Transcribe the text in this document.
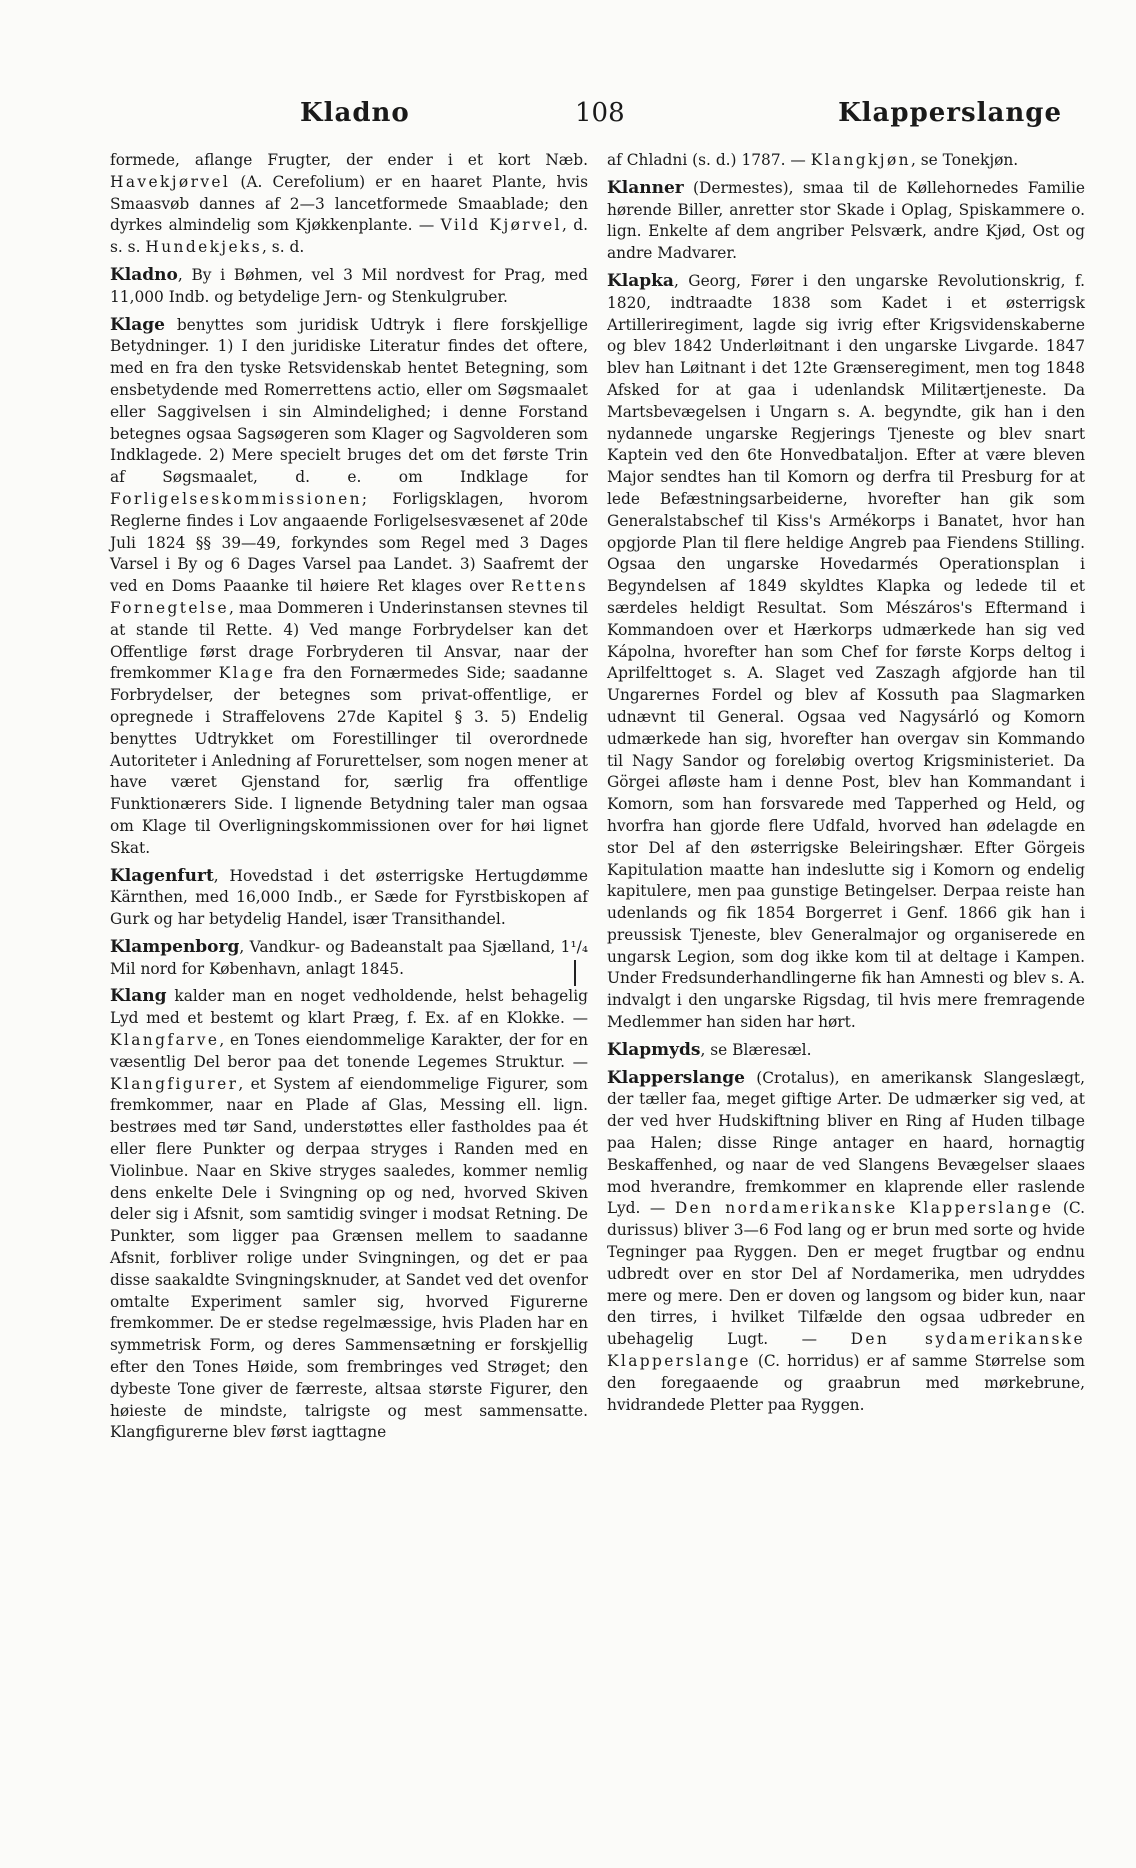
Kladno	108	Klapperslange

formede, aflange Frugter, der ender i et kort Næb. Havekjørvel (A. Cerefolium) er en haaret Plante, hvis Smaasvøb dannes af 2—3 lancetformede Smaablade; den dyrkes almindelig som Kjøkkenplante. — Vild Kjørvel, d. s. s. Hundekjeks, s. d.

Kladno, By i Bøhmen, vel 3 Mil nordvest for Prag, med 11,000 Indb. og betydelige Jern- og Stenkulgruber.

Klage benyttes som juridisk Udtryk i flere forskjellige Betydninger. 1) I den juridiske Literatur findes det oftere, med en fra den tyske Retsvidenskab hentet Betegning, som ensbetydende med Romerrettens actio, eller om Søgsmaalet eller Saggivelsen i sin Almindelighed; i denne Forstand betegnes ogsaa Sagsøgeren som Klager og Sagvolderen som Indklagede. 2) Mere specielt bruges det om det første Trin af Søgsmaalet, d. e. om Indklage for Forligelseskommissionen; Forligsklagen, hvorom Reglerne findes i Lov angaaende Forligelsesvæsenet af 20de Juli 1824 §§ 39—49, forkyndes som Regel med 3 Dages Varsel i By og 6 Dages Varsel paa Landet. 3) Saafremt der ved en Doms Paaanke til høiere Ret klages over Rettens Fornegtelse, maa Dommeren i Underinstansen stevnes til at stande til Rette. 4) Ved mange Forbrydelser kan det Offentlige først drage Forbryderen til Ansvar, naar der fremkommer Klage fra den Fornærmedes Side; saadanne Forbrydelser, der betegnes som privat-offentlige, er opregnede i Straffelovens 27de Kapitel § 3. 5) Endelig benyttes Udtrykket om Forestillinger til overordnede Autoriteter i Anledning af Forurettelser, som nogen mener at have været Gjenstand for, særlig fra offentlige Funktionærers Side. I lignende Betydning taler man ogsaa om Klage til Overligningskommissionen over for høi lignet Skat.

Klagenfurt, Hovedstad i det østerrigske Hertugdømme Kärnthen, med 16,000 Indb., er Sæde for Fyrstbiskopen af Gurk og har betydelig Handel, især Transithandel.

Klampenborg, Vandkur- og Badeanstalt paa Sjælland, 1¹/₄ Mil nord for København, anlagt 1845.

Klang kalder man en noget vedholdende, helst behagelig Lyd med et bestemt og klart Præg, f. Ex. af en Klokke. — Klangfarve, en Tones eiendommelige Karakter, der for en væsentlig Del beror paa det tonende Legemes Struktur. — Klangfigurer, et System af eiendommelige Figurer, som fremkommer, naar en Plade af Glas, Messing ell. lign. bestrøes med tør Sand, understøttes eller fastholdes paa ét eller flere Punkter og derpaa stryges i Randen med en Violinbue. Naar en Skive stryges saaledes, kommer nemlig dens enkelte Dele i Svingning op og ned, hvorved Skiven deler sig i Afsnit, som samtidig svinger i modsat Retning. De Punkter, som ligger paa Grænsen mellem to saadanne Afsnit, forbliver rolige under Svingningen, og det er paa disse saakaldte Svingningsknuder, at Sandet ved det ovenfor omtalte Experiment samler sig, hvorved Figurerne fremkommer. De er stedse regelmæssige, hvis Pladen har en symmetrisk Form, og deres Sammensætning er forskjellig efter den Tones Høide, som frembringes ved Strøget; den dybeste Tone giver de færreste, altsaa største Figurer, den høieste de mindste, talrigste og mest sammensatte. Klangfigurerne blev først iagttagne

af Chladni (s. d.) 1787. — Klangkjøn, se Tonekjøn.

Klanner (Dermestes), smaa til de Køllehornedes Familie hørende Biller, anretter stor Skade i Oplag, Spiskammere o. lign. Enkelte af dem angriber Pelsværk, andre Kjød, Ost og andre Madvarer.

Klapka, Georg, Fører i den ungarske Revolutionskrig, f. 1820, indtraadte 1838 som Kadet i et østerrigsk Artilleriregiment, lagde sig ivrig efter Krigsvidenskaberne og blev 1842 Underløitnant i den ungarske Livgarde. 1847 blev han Løitnant i det 12te Grænseregiment, men tog 1848 Afsked for at gaa i udenlandsk Militærtjeneste. Da Martsbevægelsen i Ungarn s. A. begyndte, gik han i den nydannede ungarske Regjerings Tjeneste og blev snart Kaptein ved den 6te Honvedbataljon. Efter at være bleven Major sendtes han til Komorn og derfra til Presburg for at lede Befæstningsarbeiderne, hvorefter han gik som Generalstabschef til Kiss's Armékorps i Banatet, hvor han opgjorde Plan til flere heldige Angreb paa Fiendens Stilling. Ogsaa den ungarske Hovedarmés Operationsplan i Begyndelsen af 1849 skyldtes Klapka og ledede til et særdeles heldigt Resultat. Som Mészáros's Eftermand i Kommandoen over et Hærkorps udmærkede han sig ved Kápolna, hvorefter han som Chef for første Korps deltog i Aprilfelttoget s. A. Slaget ved Zaszagh afgjorde han til Ungarernes Fordel og blev af Kossuth paa Slagmarken udnævnt til General. Ogsaa ved Nagysárló og Komorn udmærkede han sig, hvorefter han overgav sin Kommando til Nagy Sandor og foreløbig overtog Krigsministeriet. Da Görgei afløste ham i denne Post, blev han Kommandant i Komorn, som han forsvarede med Tapperhed og Held, og hvorfra han gjorde flere Udfald, hvorved han ødelagde en stor Del af den østerrigske Beleiringshær. Efter Görgeis Kapitulation maatte han indeslutte sig i Komorn og endelig kapitulere, men paa gunstige Betingelser. Derpaa reiste han udenlands og fik 1854 Borgerret i Genf. 1866 gik han i preussisk Tjeneste, blev Generalmajor og organiserede en ungarsk Legion, som dog ikke kom til at deltage i Kampen. Under Fredsunderhandlingerne fik han Amnesti og blev s. A. indvalgt i den ungarske Rigsdag, til hvis mere fremragende Medlemmer han siden har hørt.

Klapmyds, se Blæresæl.

Klapperslange (Crotalus), en amerikansk Slangeslægt, der tæller faa, meget giftige Arter. De udmærker sig ved, at der ved hver Hudskiftning bliver en Ring af Huden tilbage paa Halen; disse Ringe antager en haard, hornagtig Beskaffenhed, og naar de ved Slangens Bevægelser slaaes mod hverandre, fremkommer en klaprende eller raslende Lyd. — Den nordamerikanske Klapperslange (C. durissus) bliver 3—6 Fod lang og er brun med sorte og hvide Tegninger paa Ryggen. Den er meget frugtbar og endnu udbredt over en stor Del af Nordamerika, men udryddes mere og mere. Den er doven og langsom og bider kun, naar den tirres, i hvilket Tilfælde den ogsaa udbreder en ubehagelig Lugt. — Den sydamerikanske Klapperslange (C. horridus) er af samme Størrelse som den foregaaende og graabrun med mørkebrune, hvidrandede Pletter paa Ryggen.
